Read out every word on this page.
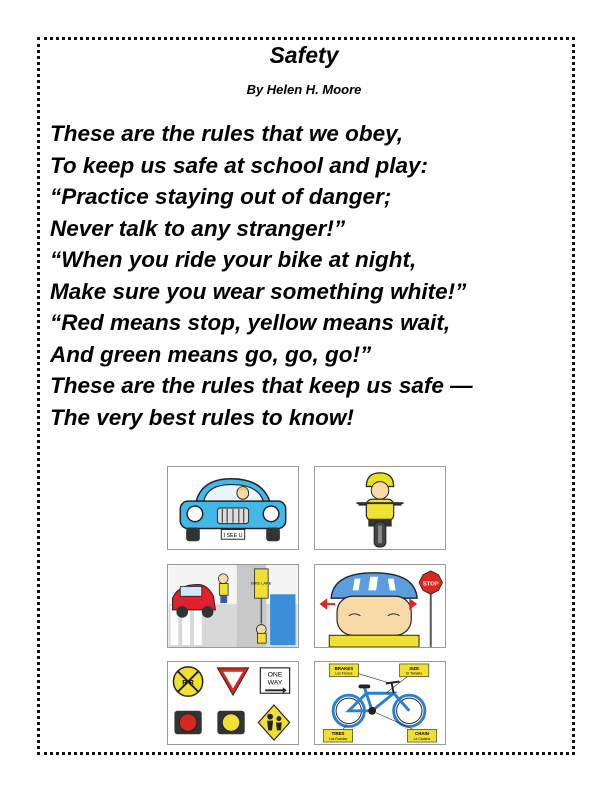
Safety
By Helen H. Moore
These are the rules that we obey,
To keep us safe at school and play:
“Practice staying out of danger;
Never talk to any stranger!”
“When you ride your bike at night,
Make sure you wear something white!”
“Red means stop, yellow means wait,
And green means go, go, go!”
These are the rules that keep us safe —
The very best rules to know!
I SEE U
BIKE LANE	STOP
R R
ONE
WAY
BRAKES
Los Frenos
SIZE
El Tamaño
TIRES
Las Ruedas
CHAIN
La Cadena
